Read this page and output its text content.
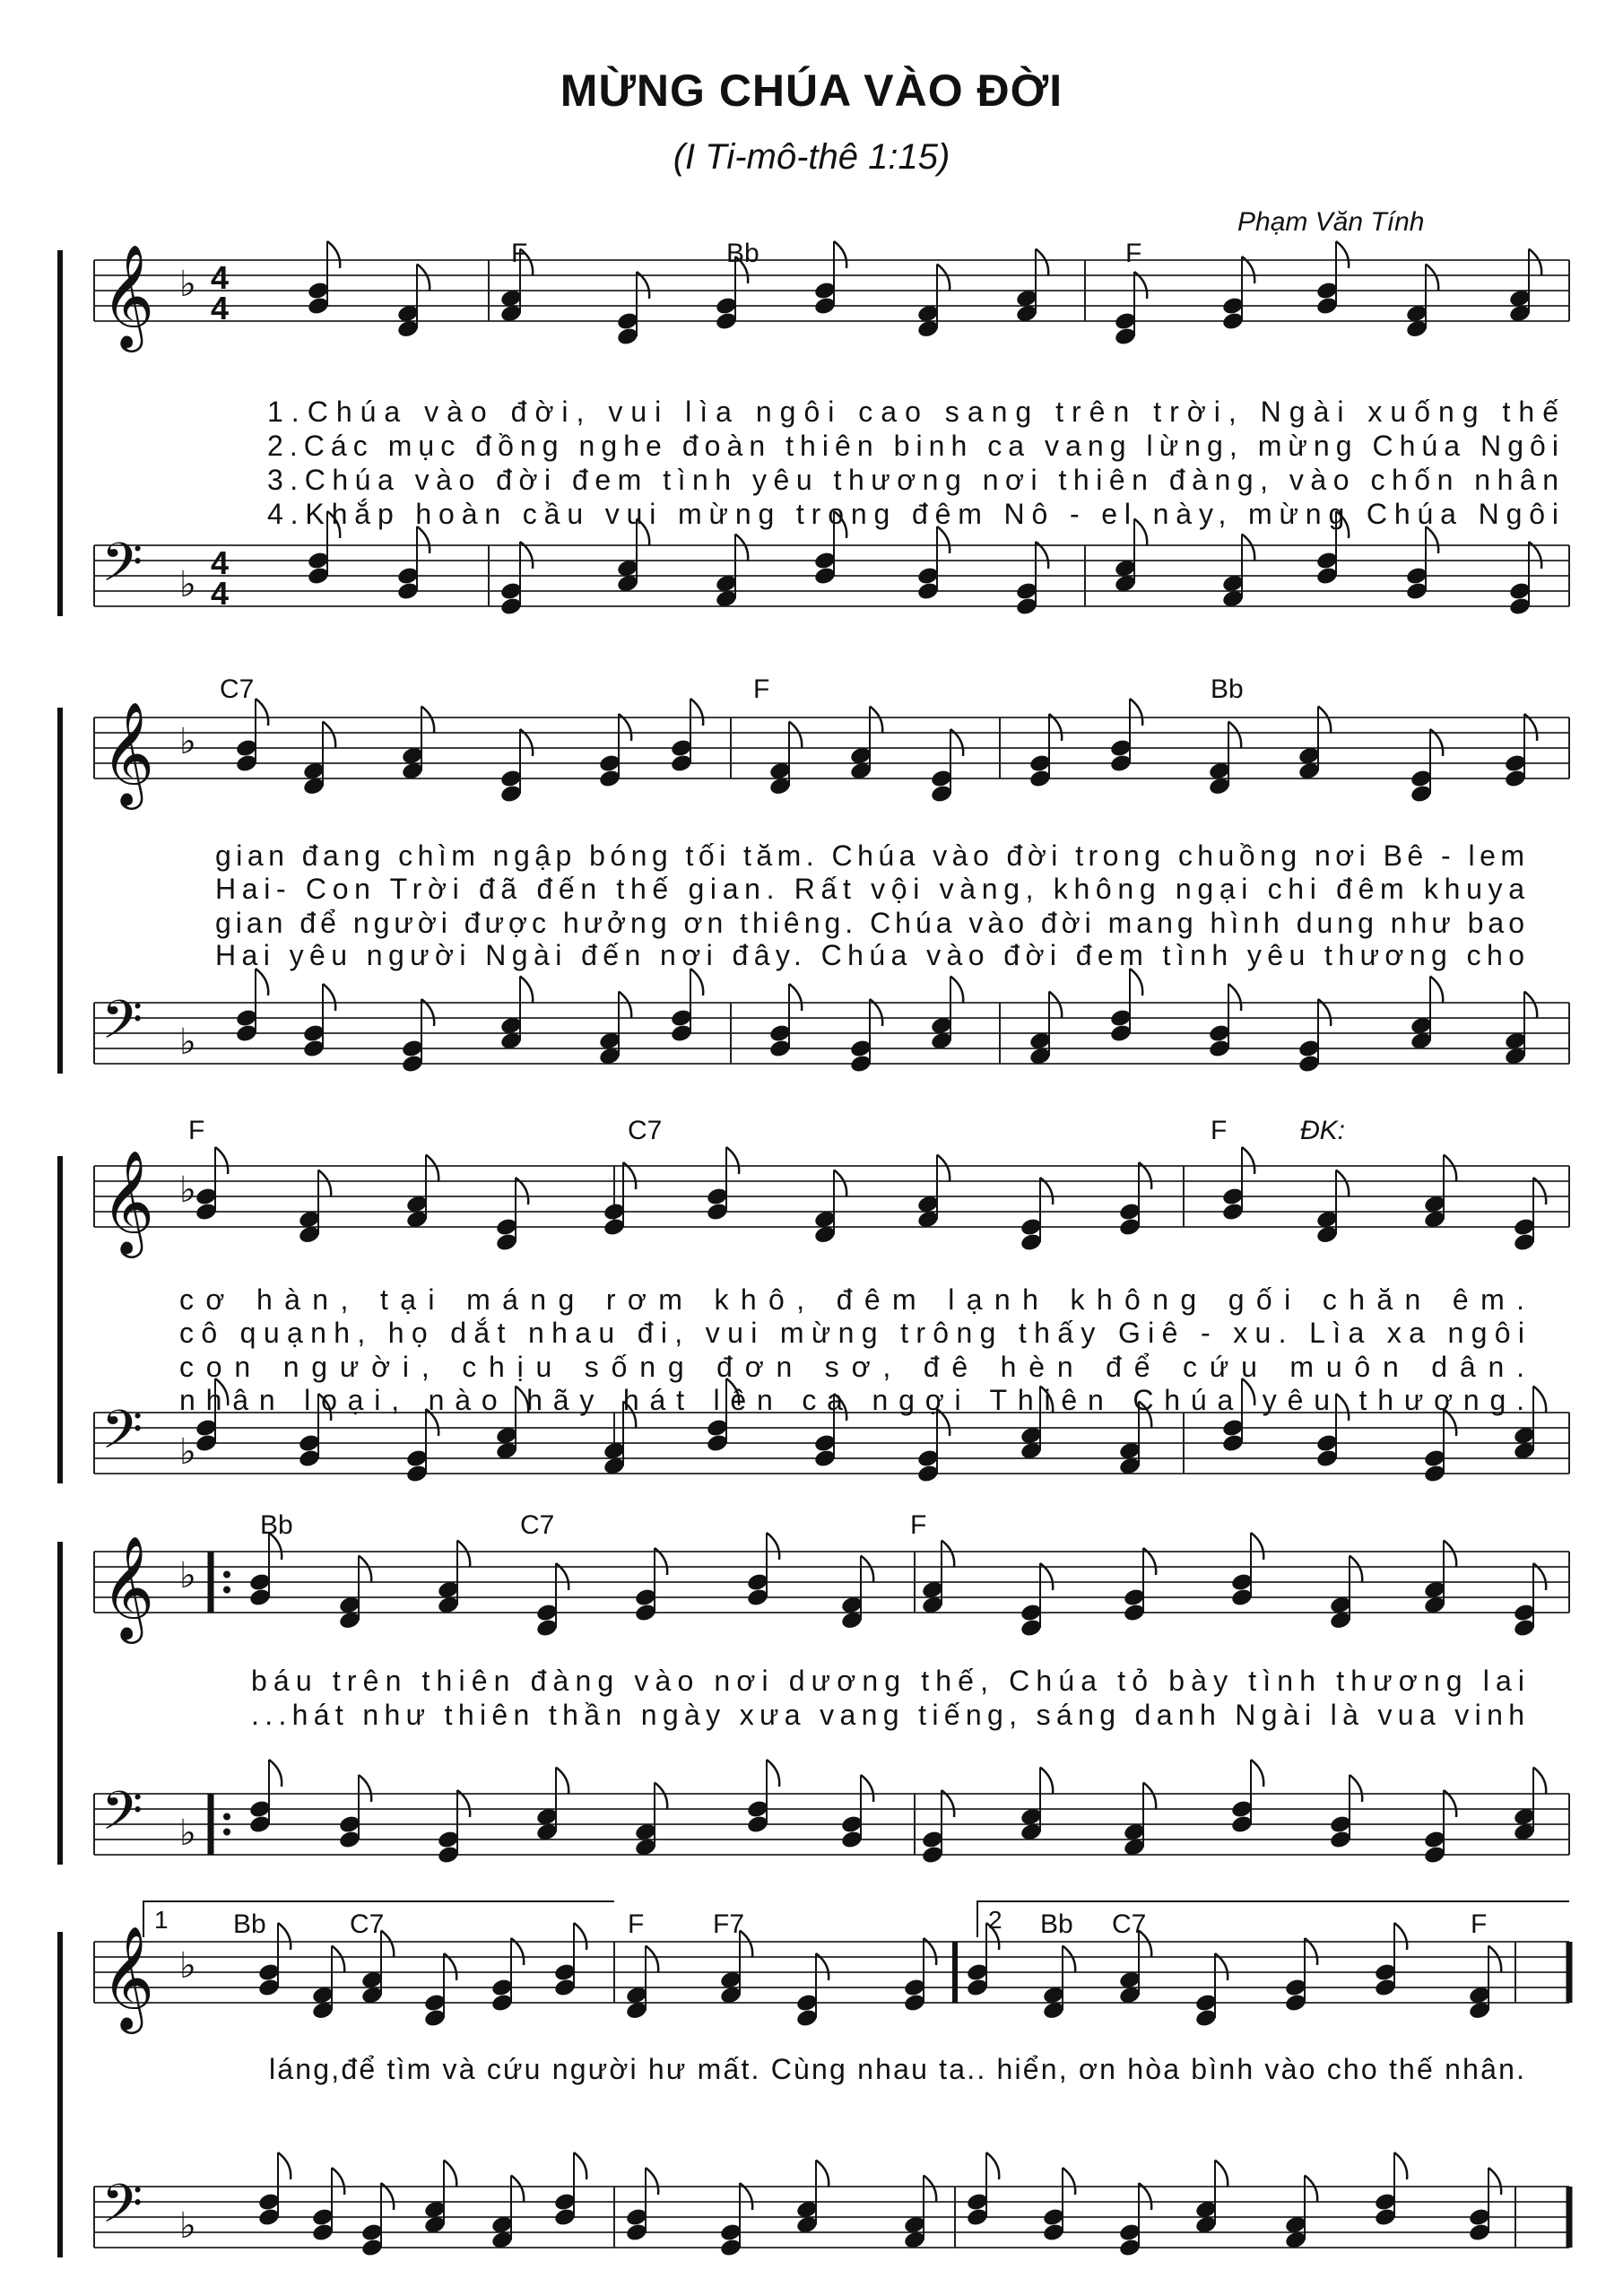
MỪNG CHÚA VÀO ĐỜI
(I Ti-mô-thê 1:15)
Phạm Văn Tính
𝄞 ♭ 4
4
𝄢 ♭
4
4
F	Bb	F
1.Chúa vào đời, vui lìa ngôi cao sang trên trời, Ngài xuống thế
2.Các mục đồng nghe đoàn thiên binh ca vang lừng, mừng Chúa Ngôi
3.Chúa vào đời đem tình yêu thương nơi thiên đàng, vào chốn nhân
4.Khắp hoàn cầu vui mừng trong đêm Nô - el này, mừng Chúa Ngôi
𝄞 ♭
𝄢 ♭
C7	F	Bb
gian đang chìm ngập bóng tối tăm. Chúa vào đời trong chuồng nơi Bê - lem
Hai- Con Trời đã đến thế gian. Rất vội vàng, không ngại chi đêm khuya
gian để người được hưởng ơn thiêng. Chúa vào đời mang hình dung như bao
Hai yêu người Ngài đến nơi đây. Chúa vào đời đem tình yêu thương cho
𝄞 ♭
𝄢 ♭
F	C7	F	ĐK:
cơ hàn, tại máng rơm khô, đêm lạnh không gối chăn êm.
cô quạnh, họ dắt nhau đi, vui mừng trông thấy Giê - xu. Lìa xa ngôi
con người, chịu sống đơn sơ, đê hèn để cứu muôn dân.
nhân loại, nào hãy hát lên ca ngợi Thiên Chúa yêu thương.
𝄞 ♭
𝄢 ♭
Bb	C7	F
báu trên thiên đàng vào nơi dương thế, Chúa tỏ bày tình thương lai
...hát như thiên thần ngày xưa vang tiếng, sáng danh Ngài là vua vinh
𝄞 ♭
𝄢 ♭
1	2
Bb	C7	F	F7	Bb C7	F
láng,để tìm và cứu người hư mất. Cùng nhau ta.. hiển, ơn hòa bình vào cho thế nhân.
